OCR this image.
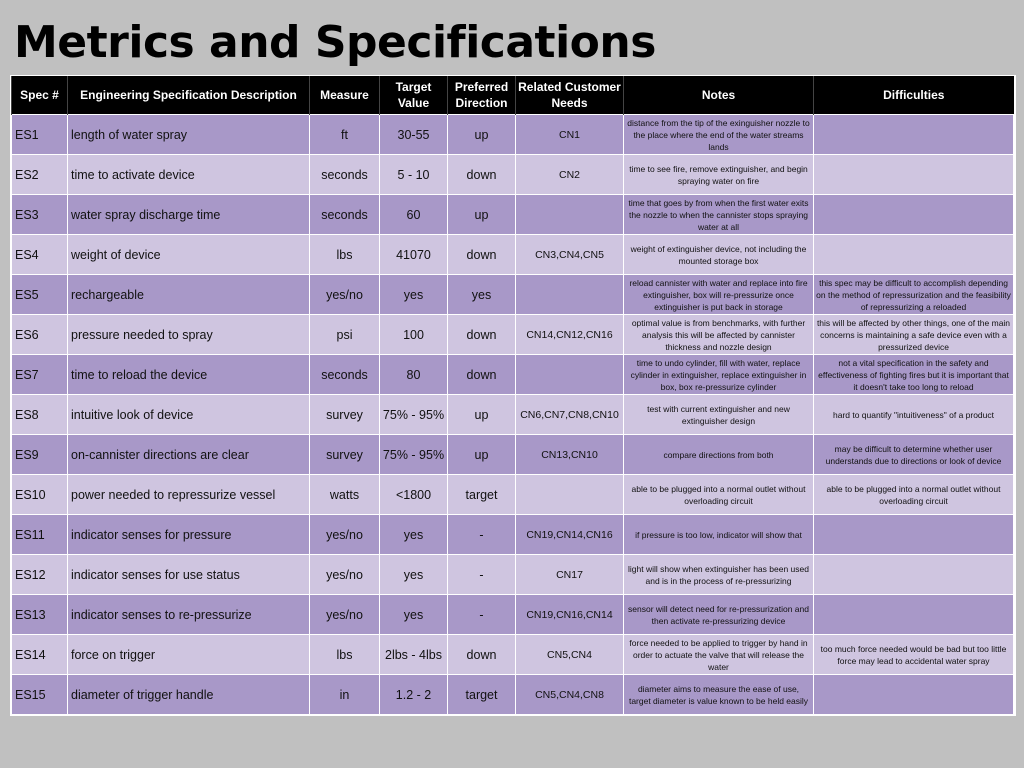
Metrics and Specifications
Spec #	Engineering Specification Description	Measure	Target Value	Preferred Direction	Related Customer Needs	Notes	Difficulties
ES1	length of water spray	ft	30-55	up	CN1	distance from the tip of the exinguisher nozzle to the place where the end of the water streams lands	
ES2	time to activate device	seconds	5 - 10	down	CN2	time to see fire, remove extinguisher, and begin spraying water on fire	
ES3	water spray discharge time	seconds	60	up		time that goes by from when the first water exits the nozzle to when the cannister stops spraying water at all	
ES4	weight of device	lbs	41070	down	CN3,CN4,CN5	weight of extinguisher device, not including the mounted storage box	
ES5	rechargeable	yes/no	yes	yes		reload cannister with water and replace into fire extinguisher, box will re-pressurize once extinguisher is put back in storage	this spec may be difficult to accomplish depending on the method of repressurization and the feasibility of repressurizing a reloaded
ES6	pressure needed to spray	psi	100	down	CN14,CN12,CN16	optimal value is from benchmarks, with further analysis this will be affected by cannister thickness and nozzle design	this will be affected by other things, one of the main concerns is maintaining a safe device even with a pressurized device
ES7	time to reload the device	seconds	80	down		time to undo cylinder, fill with water, replace cylinder in extinguisher, replace extinguisher in box, box re-pressurize cylinder	not a vital specification in the safety and effectiveness of fighting fires but it is important that it doesn't take too long to reload
ES8	intuitive look of device	survey	75% - 95%	up	CN6,CN7,CN8,CN10	test with current extinguisher and new extinguisher design	hard to quantify "intuitiveness" of a product
ES9	on-cannister directions are clear	survey	75% - 95%	up	CN13,CN10	compare directions from both	may be difficult to determine whether user understands due to directions or look of device
ES10	power needed to repressurize vessel	watts	<1800	target		able to be plugged into a normal outlet without overloading circuit	able to be plugged into a normal outlet without overloading circuit
ES11	indicator senses for pressure	yes/no	yes	-	CN19,CN14,CN16	if pressure is too low, indicator will show that	
ES12	indicator senses for use status	yes/no	yes	-	CN17	light will show when extinguisher has been used and is in the process of re-pressurizing	
ES13	indicator senses to re-pressurize	yes/no	yes	-	CN19,CN16,CN14	sensor will detect need for re-pressurization and then activate re-pressurizing device	
ES14	force on trigger	lbs	2lbs - 4lbs	down	CN5,CN4	force needed to be applied to trigger by hand in order to actuate the valve that will release the water	too much force needed would be bad but too little force may lead to accidental water spray
ES15	diameter of trigger handle	in	1.2 - 2	target	CN5,CN4,CN8	diameter aims to measure the ease of use, target diameter is value known to be held easily	
